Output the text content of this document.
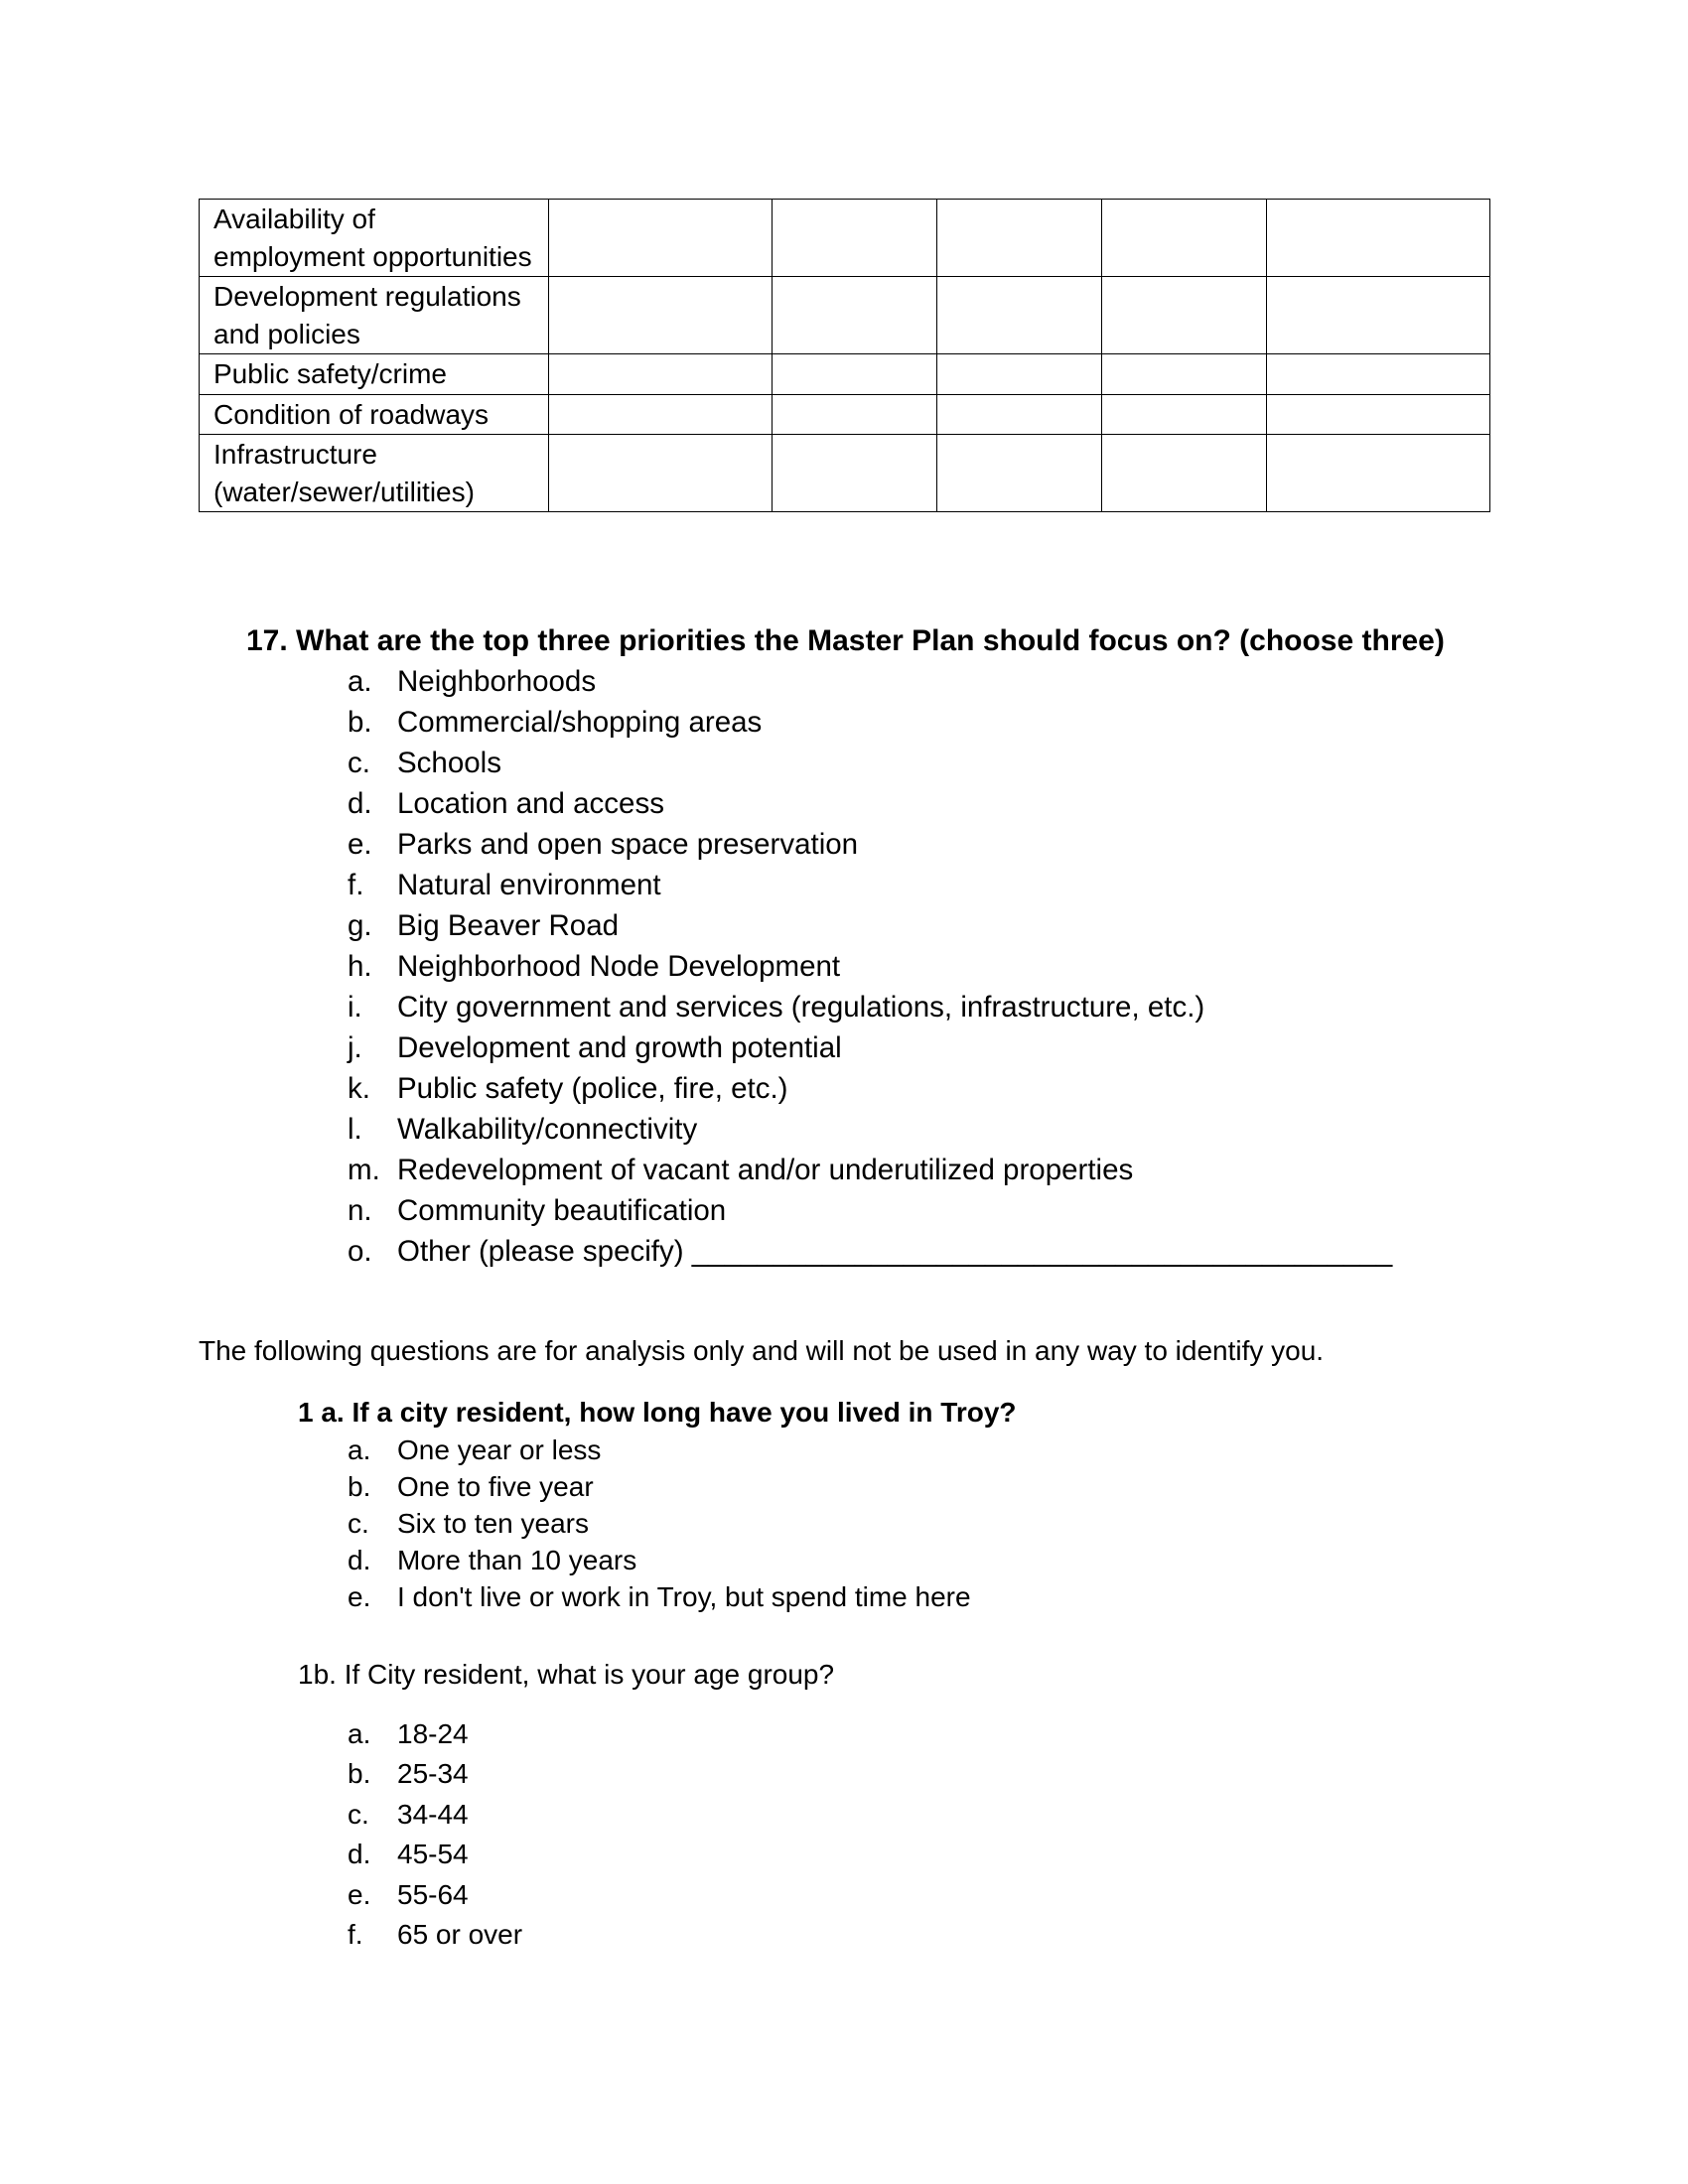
Availability of employment opportunities					
Development regulations and policies					
Public safety/crime					
Condition of roadways					
Infrastructure (water/sewer/utilities)					

17. What are the top three priorities the Master Plan should focus on? (choose three)

a. Neighborhoods
b. Commercial/shopping areas
c. Schools
d. Location and access
e. Parks and open space preservation
f. Natural environment
g. Big Beaver Road
h. Neighborhood Node Development
i. City government and services (regulations, infrastructure, etc.)
j. Development and growth potential
k. Public safety (police, fire, etc.)
l. Walkability/connectivity
m. Redevelopment of vacant and/or underutilized properties
n. Community beautification
o. Other (please specify) ___________________________________________

The following questions are for analysis only and will not be used in any way to identify you.

1 a. If a city resident, how long have you lived in Troy?

a. One year or less
b. One to five year
c. Six to ten years
d. More than 10 years
e. I don't live or work in Troy, but spend time here

1b. If City resident, what is your age group?

a. 18-24
b. 25-34
c. 34-44
d. 45-54
e. 55-64
f. 65 or over
